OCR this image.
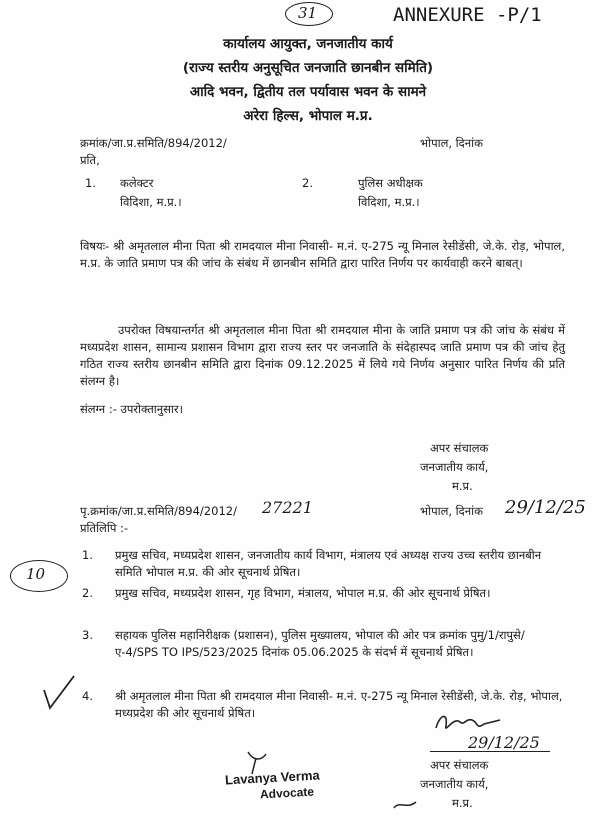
31	ANNEXURE -P/1
कार्यालय आयुक्त, जनजातीय कार्य
(राज्य स्तरीय अनुसूचित जनजाति छानबीन समिति)
आदि भवन, द्वितीय तल पर्यावास भवन के सामने
अरेरा हिल्स, भोपाल म.प्र.
क्रमांक/जा.प्र.समिति/894/2012/	भोपाल, दिनांक
प्रति,
1. कलेक्टर
विदिशा, म.प्र.।
2.	पुलिस अधीक्षक
विदिशा, म.प्र.।
विषयः- श्री अमृतलाल मीना पिता श्री रामदयाल मीना निवासी- म.नं. ए-275 न्यू मिनाल रेसीडेंसी, जे.के. रोड़, भोपाल, म.प्र. के जाति प्रमाण पत्र की जांच के संबंध में छानबीन समिति द्वारा पारित निर्णय पर कार्यवाही करने बाबत्।
उपरोक्त विषयान्तर्गत श्री अमृतलाल मीना पिता श्री रामदयाल मीना के जाति प्रमाण पत्र की जांच के संबंध में मध्यप्रदेश शासन, सामान्य प्रशासन विभाग द्वारा राज्य स्तर पर जनजाति के संदेहास्पद जाति प्रमाण पत्र की जांच हेतु गठित राज्य स्तरीय छानबीन समिति द्वारा दिनांक 09.12.2025 में लिये गये निर्णय अनुसार पारित निर्णय की प्रति संलग्न है।
संलग्न :- उपरोक्तानुसार।
अपर संचालक
जनजातीय कार्य,
म.प्र.
पृ.क्रमांक/जा.प्र.समिति/894/2012/ 27221	भोपाल, दिनांक 29/12/25
प्रतिलिपि :-
10
1. प्रमुख सचिव, मध्यप्रदेश शासन, जनजातीय कार्य विभाग, मंत्रालय एवं अध्यक्ष राज्य उच्च स्तरीय छानबीन समिति भोपाल म.प्र. की ओर सूचनार्थ प्रेषित।
2. प्रमुख सचिव, मध्यप्रदेश शासन, गृह विभाग, मंत्रालय, भोपाल म.प्र. की ओर सूचनार्थ प्रेषित।
3. सहायक पुलिस महानिरीक्षक (प्रशासन), पुलिस मुख्यालय, भोपाल की ओर पत्र क्रमांक पुमु/1/रापुसे/ए-4/SPS TO IPS/523/2025 दिनांक 05.06.2025 के संदर्भ में सूचनार्थ प्रेषित।
4. श्री अमृतलाल मीना पिता श्री रामदयाल मीना निवासी- म.नं. ए-275 न्यू मिनाल रेसीडेंसी, जे.के. रोड़, भोपाल, मध्यप्रदेश की ओर सूचनार्थ प्रेषित।
29/12/25
अपर संचालक
जनजातीय कार्य,
म.प्र.
Lavanya Verma
Advocate
